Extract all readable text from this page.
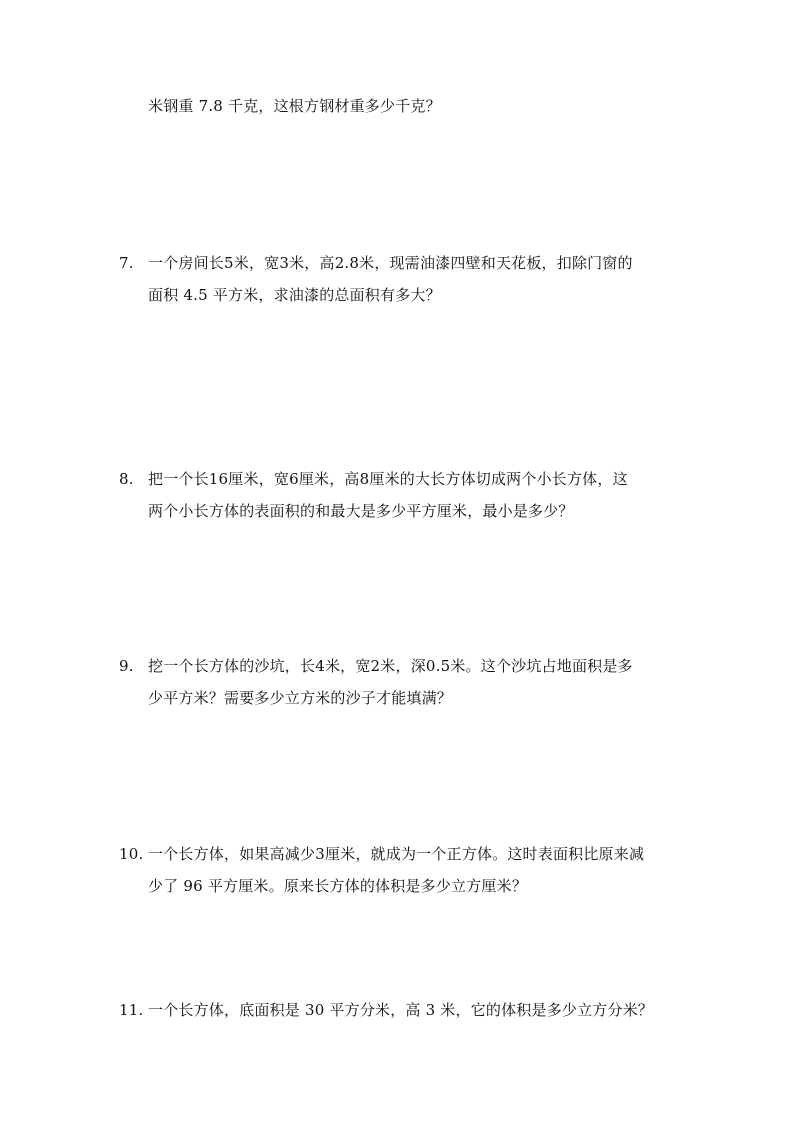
米钢重 7.8 千克，这根方钢材重多少千克？
7. 一个房间长5米，宽3米，高2.8米，现需油漆四壁和天花板，扣除门窗的
面积 4.5 平方米，求油漆的总面积有多大？
8. 把一个长16厘米，宽6厘米，高8厘米的大长方体切成两个小长方体，这
两个小长方体的表面积的和最大是多少平方厘米，最小是多少？
9. 挖一个长方体的沙坑，长4米，宽2米，深0.5米。这个沙坑占地面积是多
少平方米？需要多少立方米的沙子才能填满？
10. 一个长方体，如果高减少3厘米，就成为一个正方体。这时表面积比原来减
少了 96 平方厘米。原来长方体的体积是多少立方厘米？
11. 一个长方体，底面积是 30 平方分米，高 3 米，它的体积是多少立方分米？
